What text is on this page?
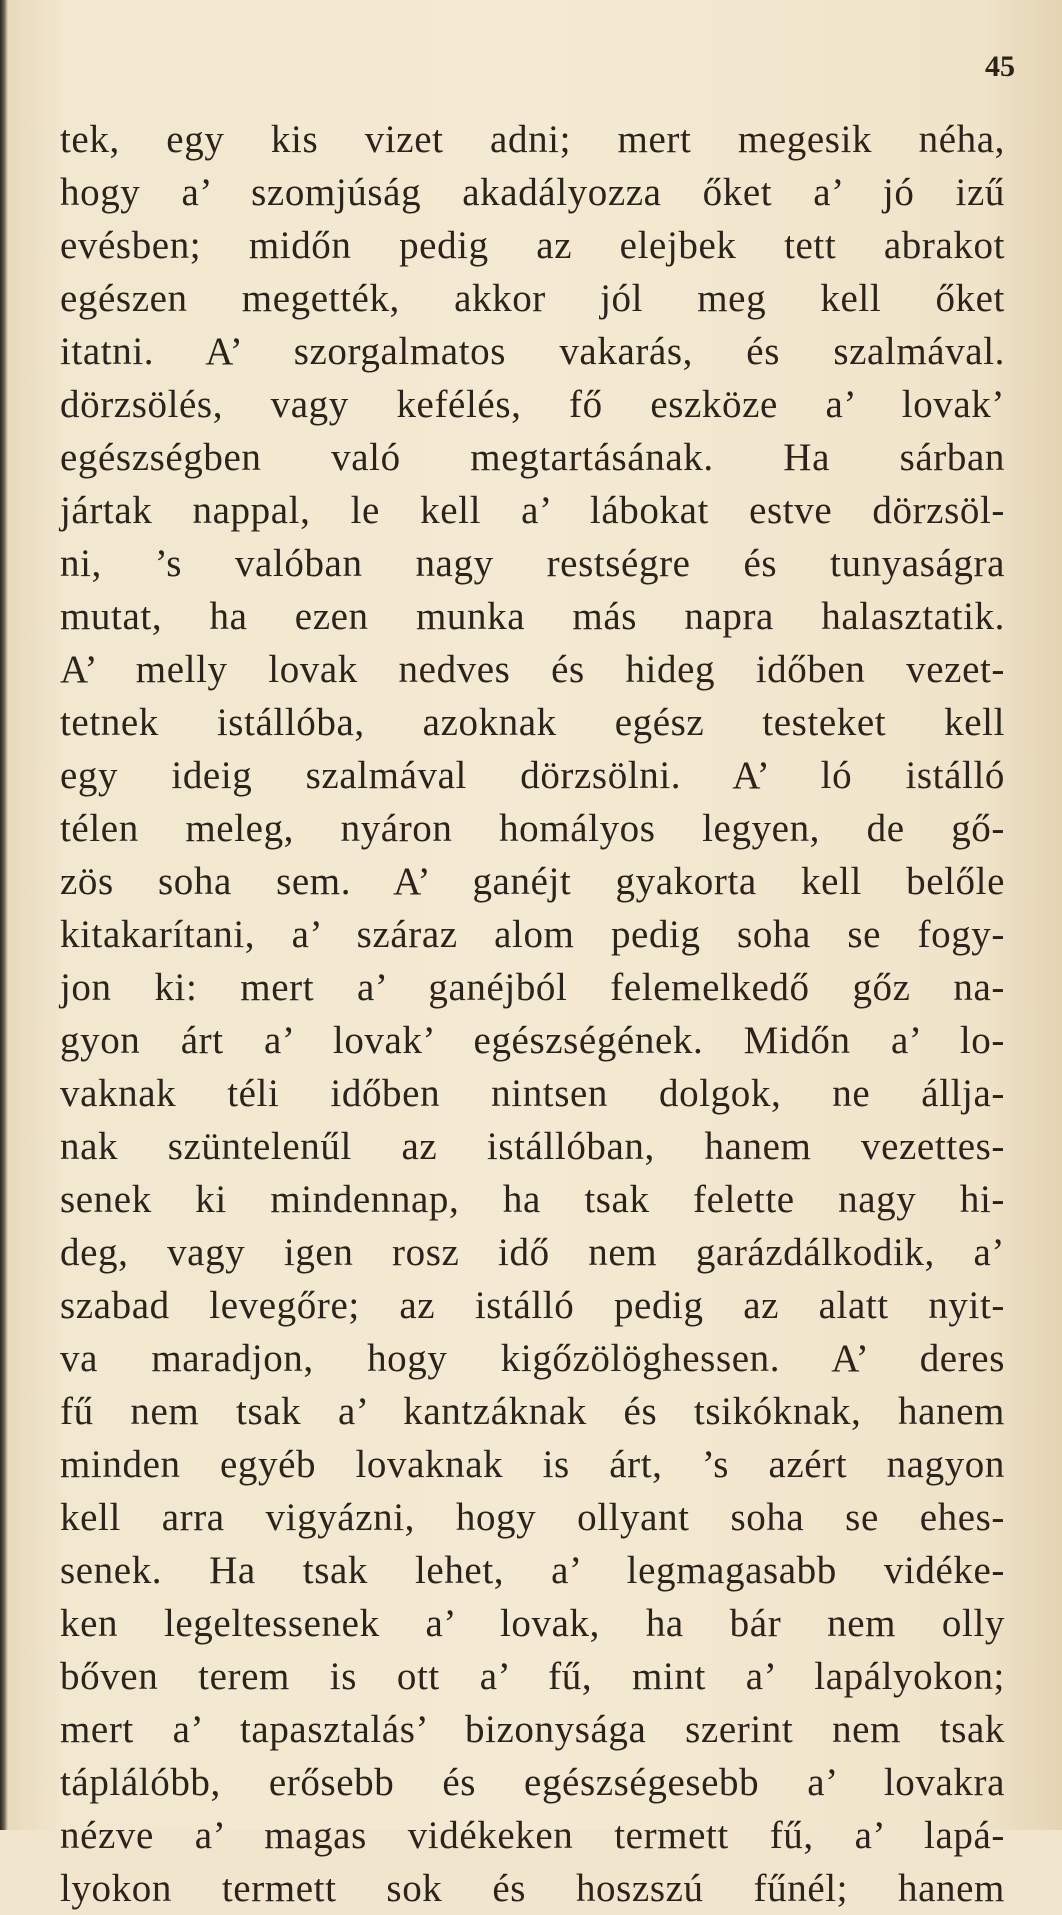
45
tek, egy kis vizet adni; mert megesik néha,
hogy a’ szomjúság akadályozza őket a’ jó izű
evésben; midőn pedig az elejbek tett abrakot
egészen megették, akkor jól meg kell őket
itatni. A’ szorgalmatos vakarás, és szalmával.
dörzsölés, vagy kefélés, fő eszköze a’ lovak’
egészségben való megtartásának. Ha sárban
jártak nappal, le kell a’ lábokat estve dörzsöl-
ni, ’s valóban nagy restségre és tunyaságra
mutat, ha ezen munka más napra halasztatik.
A’ melly lovak nedves és hideg időben vezet-
tetnek istállóba, azoknak egész testeket kell
egy ideig szalmával dörzsölni. A’ ló istálló
télen meleg, nyáron homályos legyen, de gő-
zös soha sem. A’ ganéjt gyakorta kell belőle
kitakarítani, a’ száraz alom pedig soha se fogy-
jon ki: mert a’ ganéjból felemelkedő gőz na-
gyon árt a’ lovak’ egészségének. Midőn a’ lo-
vaknak téli időben nintsen dolgok, ne álljа-
nak szüntelenűl az istállóban, hanem vezettes-
senek ki mindennap, ha tsak felette nagy hi-
deg, vagy igen rosz idő nem garázdálkodik, a’
szabad levegőre; az istálló pedig az alatt nyit-
va maradjon, hogy kigőzölöghessen. A’ deres
fű nem tsak a’ kantzáknak és tsikóknak, hanem
minden egyéb lovaknak is árt, ’s azért nagyon
kell arra vigyázni, hogy ollyant soha se ehes-
senek. Ha tsak lehet, a’ legmagasabb vidéke-
ken legeltessenek a’ lovak, ha bár nem olly
bőven terem is ott a’ fű, mint a’ lapályokon;
mert a’ tapasztalás’ bizonysága szerint nem tsak
táplálóbb, erősebb és egészségesebb a’ lovakra
nézve a’ magas vidékeken termett fű, a’ lapá-
lyokon termett sok és hoszszú fűnél; hanem
